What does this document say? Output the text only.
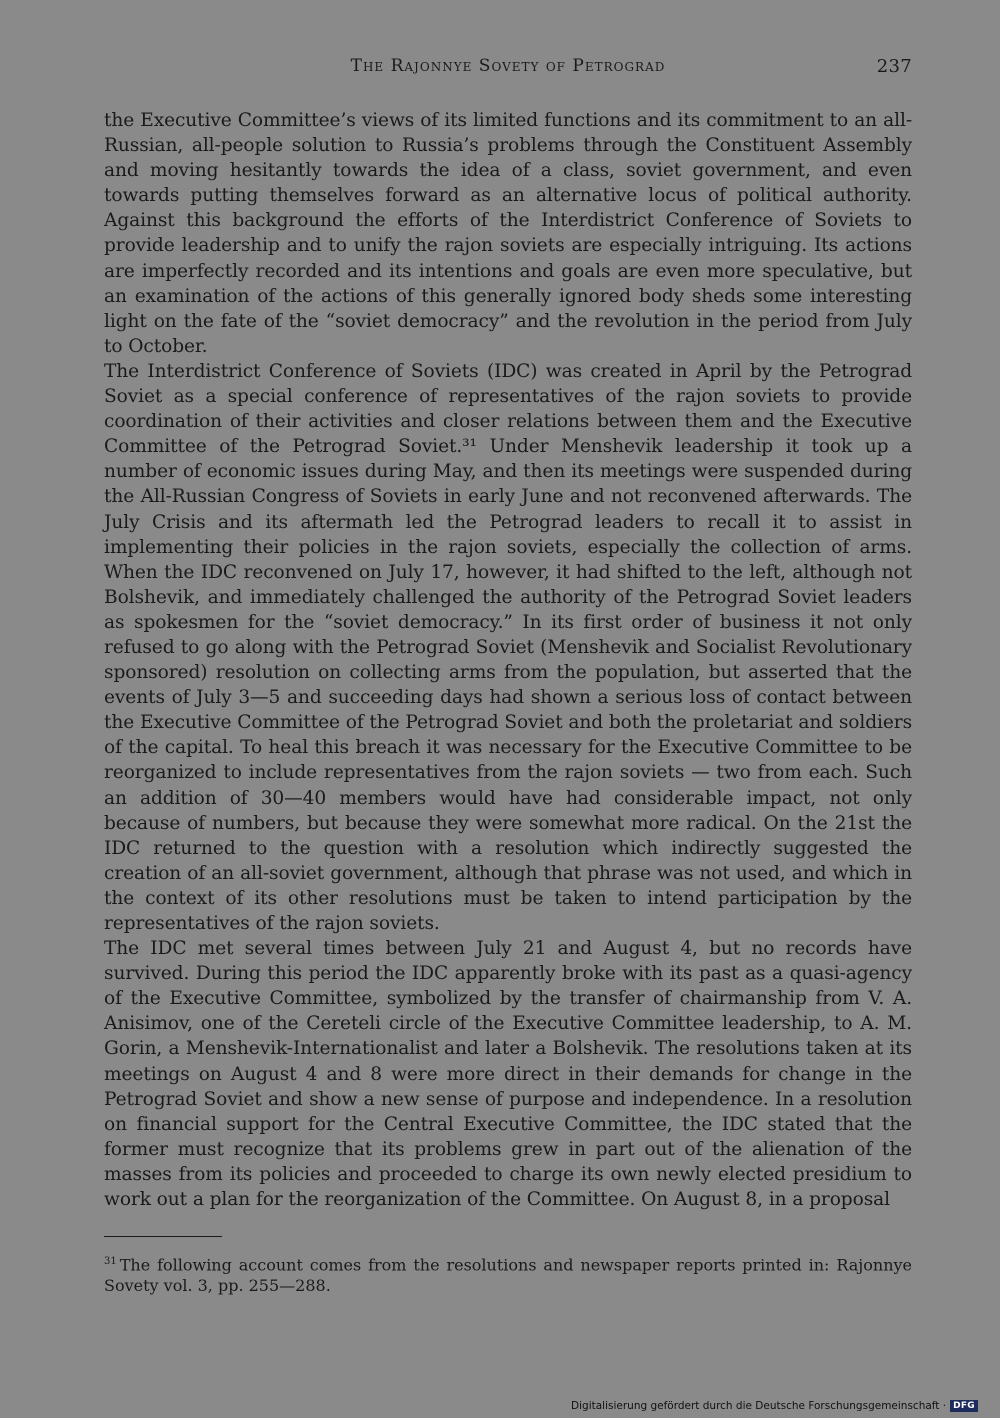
The Rajonnye Sovety of Petrograd	237

the Executive Committee’s views of its limited functions and its commitment to an all-Russian, all-people solution to Russia’s problems through the Constituent Assembly and moving hesitantly towards the idea of a class, soviet government, and even towards putting themselves forward as an alternative locus of political authority. Against this background the efforts of the Interdistrict Conference of Soviets to provide leadership and to unify the rajon soviets are especially intriguing. Its actions are imperfectly recorded and its intentions and goals are even more speculative, but an examination of the actions of this generally ignored body sheds some interesting light on the fate of the “soviet democracy” and the revolution in the period from July to October.

The Interdistrict Conference of Soviets (IDC) was created in April by the Petrograd Soviet as a special conference of representatives of the rajon soviets to provide coordination of their activities and closer relations between them and the Executive Committee of the Petrograd Soviet.³¹ Under Menshevik leadership it took up a number of economic issues during May, and then its meetings were suspended during the All-Russian Congress of Soviets in early June and not reconvened afterwards. The July Crisis and its aftermath led the Petrograd leaders to recall it to assist in implementing their policies in the rajon soviets, especially the collection of arms. When the IDC reconvened on July 17, however, it had shifted to the left, although not Bolshevik, and immediately challenged the authority of the Petrograd Soviet leaders as spokesmen for the “soviet democracy.” In its first order of business it not only refused to go along with the Petrograd Soviet (Menshevik and Socialist Revolutionary sponsored) resolution on collecting arms from the population, but asserted that the events of July 3—5 and succeeding days had shown a serious loss of contact between the Executive Committee of the Petrograd Soviet and both the proletariat and soldiers of the capital. To heal this breach it was necessary for the Executive Committee to be reorganized to include representatives from the rajon soviets — two from each. Such an addition of 30—40 members would have had considerable impact, not only because of numbers, but because they were somewhat more radical. On the 21st the IDC returned to the question with a resolution which indirectly suggested the creation of an all-soviet government, although that phrase was not used, and which in the context of its other resolutions must be taken to intend participation by the representatives of the rajon soviets.

The IDC met several times between July 21 and August 4, but no records have survived. During this period the IDC apparently broke with its past as a quasi-agency of the Executive Committee, symbolized by the transfer of chairmanship from V. A. Anisimov, one of the Cereteli circle of the Executive Committee leadership, to A. M. Gorin, a Menshevik-Internationalist and later a Bolshevik. The resolutions taken at its meetings on August 4 and 8 were more direct in their demands for change in the Petrograd Soviet and show a new sense of purpose and independence. In a resolution on financial support for the Central Executive Committee, the IDC stated that the former must recognize that its problems grew in part out of the alienation of the masses from its policies and proceeded to charge its own newly elected presidium to work out a plan for the reorganization of the Committee. On August 8, in a proposal

$^{31}$ The following account comes from the resolutions and newspaper reports printed in: Rajonnye Sovety vol. 3, pp. 255—288.
Digitalisierung gefördert durch die Deutsche Forschungsgemeinschaft · DFG
